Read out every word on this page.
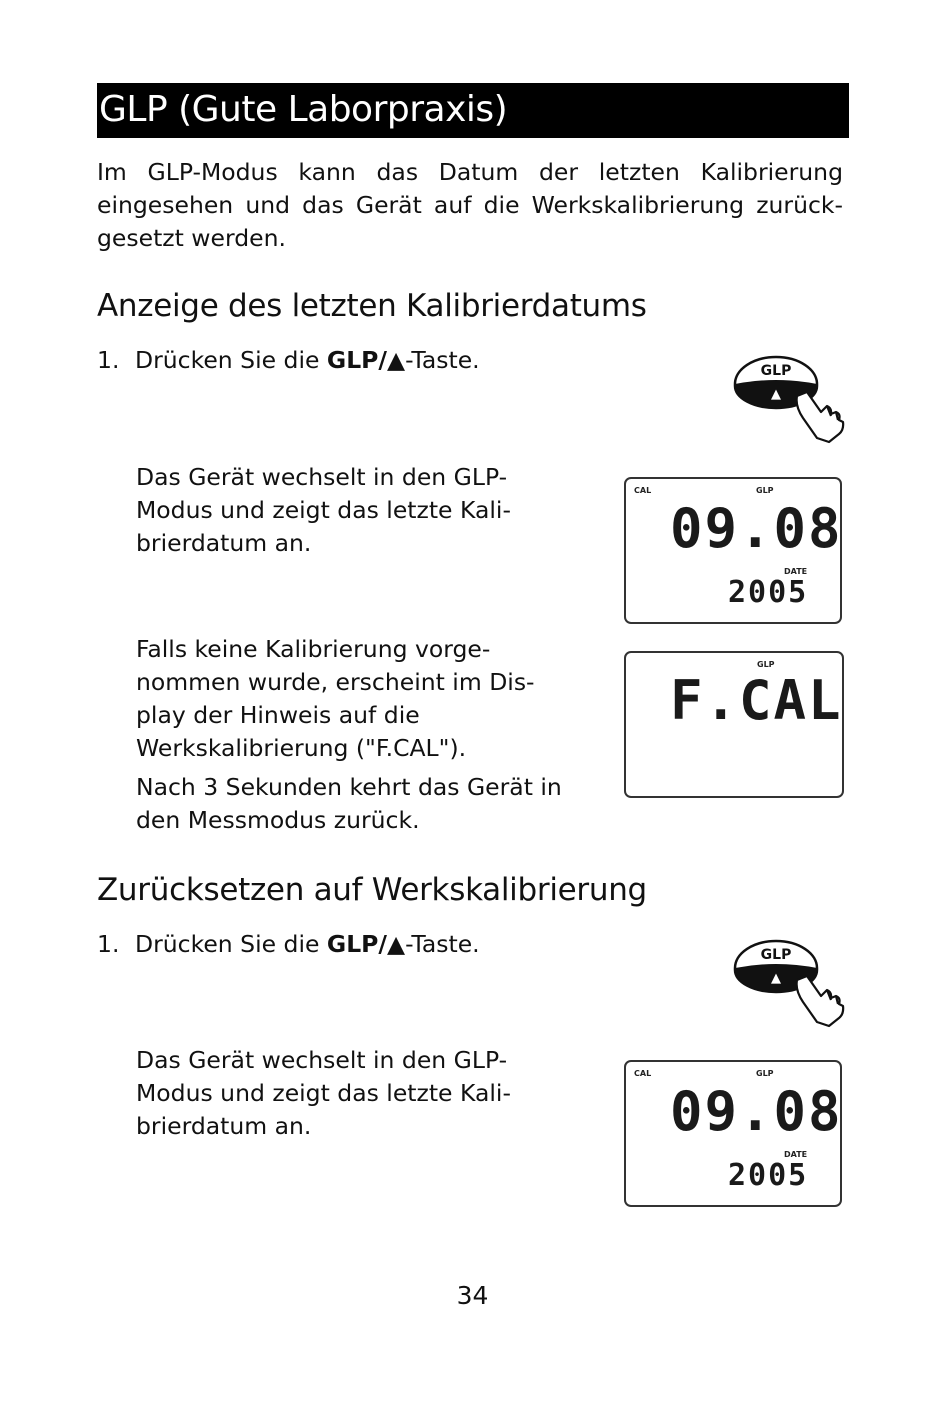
GLP (Gute Laborpraxis)

Im GLP-Modus kann das Datum der letzten Kalibrierung eingesehen und das Gerät auf die Werkskalibrierung zurück-gesetzt werden.

Anzeige des letzten Kalibrierdatums

1. Drücken Sie die GLP/▲-Taste.	GLP
▲

Das Gerät wechselt in den GLP-Modus und zeigt das letzte Kali-brierdatum an.

CAL	GLP
09.08
DATE
2005

Falls keine Kalibrierung vorge-nommen wurde, erscheint im Dis-play der Hinweis auf die Werkskalibrierung ("F.CAL").

GLP
F.CAL

Nach 3 Sekunden kehrt das Gerät in den Messmodus zurück.

Zurücksetzen auf Werkskalibrierung

1. Drücken Sie die GLP/▲-Taste.	GLP
▲

Das Gerät wechselt in den GLP-Modus und zeigt das letzte Kali-brierdatum an.

CAL	GLP
09.08
DATE
2005
34
